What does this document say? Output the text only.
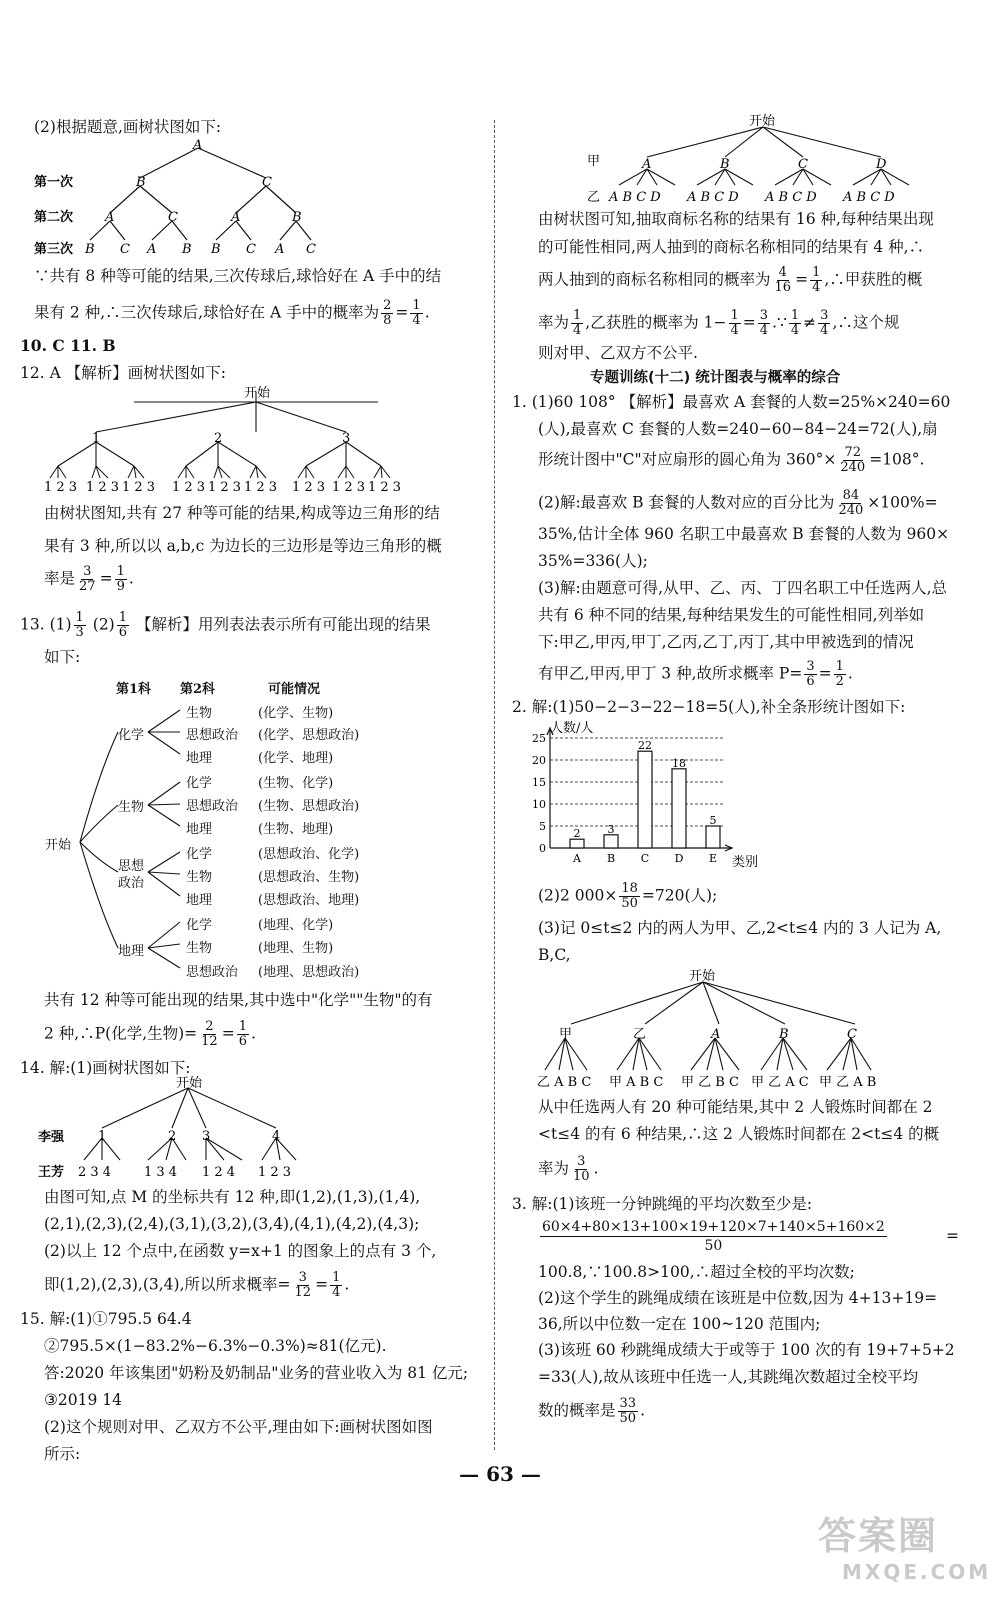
(2)根据题意,画树状图如下:
A
B	C
A	C	A	B
B C A B B C A C
第一次
第二次
第三次
∵共有 8 种等可能的结果,三次传球后,球恰好在 A 手中的结
果有 2 种,∴三次传球后,球恰好在 A 手中的概率为 $\frac{2}{8} = \frac{1}{4}$ .
10. C 11. B
12. A 【解析】画树状图如下:
开始
1	2	3
1 2 3 1 2 3 1 2 3 1 2 3 1 2 3 1 2 3 1 2 3 1 2 3 1 2 3
由树状图知,共有 27 种等可能的结果,构成等边三角形的结
果有 3 种,所以以 a,b,c 为边长的三边形是等边三角形的概
率是 $\frac{3}{27} = \frac{1}{9}$ .
13. $(1) \frac{1}{3} (2) \frac{1}{6}$ 【解析】用列表法表示所有可能出现的结果
如下:
第1科 第2科	可能情况
开始
化学
生物
思想政治
地理
生物
思想政治
地理
化学
思想政治
地理
化学
生物
地理
化学
生物
思想政治
(化学、生物)
(化学、思想政治)
(化学、地理)
(生物、化学)
(生物、思想政治)
(生物、地理)
(思想政治、化学)
(思想政治、生物)
(思想政治、地理)
(地理、化学)
(地理、生物)
(地理、思想政治)
共有 12 种等可能出现的结果,其中选中"化学""生物"的有
2 种,∴P(化学,生物)= $\frac{2}{12} = \frac{1}{6}$ .
14. 解:(1)画树状图如下:
开始
李强
王芳
1	2 3	4
2 3 4	1 3 4 1 2 4 1 2 3
由图可知,点 M 的坐标共有 12 种,即(1,2),(1,3),(1,4),
(2,1),(2,3),(2,4),(3,1),(3,2),(3,4),(4,1),(4,2),(4,3);
(2)以上 12 个点中,在函数 y=x+1 的图象上的点有 3 个,
即(1,2),(2,3),(3,4),所以所求概率= $\frac{3}{12} = \frac{1}{4}$ .
15. 解:(1)①795.5 64.4
②795.5×(1−83.2%−6.3%−0.3%)≈81(亿元).
答:2020 年该集团"奶粉及奶制品"业务的营业收入为 81 亿元;
③2019 14
(2)这个规则对甲、乙双方不公平,理由如下:画树状图如图
所示:
开始
甲
乙
A	B	C	D
A B C D A B C D A B C D A B C D
由树状图可知,抽取商标名称的结果有 16 种,每种结果出现
的可能性相同,两人抽到的商标名称相同的结果有 4 种,∴
两人抽到的商标名称相同的概率为 $\frac{4}{16} = \frac{1}{4}$ ,∴甲获胜的概
率为 $\frac{1}{4}$ ,乙获胜的概率为 $1- \frac{1}{4} = \frac{3}{4}$ .∵ $\frac{1}{4} \ne \frac{3}{4}$ ,∴这个规
则对甲、乙双方不公平.
专题训练(十二) 统计图表与概率的综合
1. (1)60 108° 【解析】最喜欢 A 套餐的人数=25%×240=60
(人),最喜欢 C 套餐的人数=240−60−84−24=72(人),扇
形统计图中"C"对应扇形的圆心角为 $360^\circ\times \frac{72}{240} =108^\circ$.
(2)解:最喜欢 B 套餐的人数对应的百分比为 $\frac{84}{240} \times 100\%=$
35%,估计全体 960 名职工中最喜欢 B 套餐的人数为 960×
35%=336(人);
(3)解:由题意可得,从甲、乙、丙、丁四名职工中任选两人,总
共有 6 种不同的结果,每种结果发生的可能性相同,列举如
下:甲乙,甲丙,甲丁,乙丙,乙丁,丙丁,其中甲被选到的情况
有甲乙,甲丙,甲丁 3 种,故所求概率 $P= \frac{3}{6} = \frac{1}{2}$ .
2. 解:(1)50−2−3−22−18=5(人),补全条形统计图如下:
人数/人
类别
0
5
10
15
20
25
2
A
3
B
22
C
18
D
5
E
(2)2 $000\times \frac{18}{50} =720$(人);
(3)记 0≤t≤2 内的两人为甲、乙,2<t≤4 内的 3 人记为 A,
B,C,
开始
甲	乙	A	B	C
乙 A B C 甲 A B C 甲 乙 B C 甲 乙 A C 甲 乙 A B
从中任选两人有 20 种可能结果,其中 2 人锻炼时间都在 2
<t≤4 的有 6 种结果,∴这 2 人锻炼时间都在 2<t≤4 的概
率为 $\frac{3}{10}$ .
3. 解:(1)该班一分钟跳绳的平均次数至少是:
$\frac{60\times 4+80\times 13+100\times 19+120\times 7+140\times 5+160\times 2}{50}$	=
100.8,∵100.8>100,∴超过全校的平均次数;
(2)这个学生的跳绳成绩在该班是中位数,因为 4+13+19=
36,所以中位数一定在 100~120 范围内;
(3)该班 60 秒跳绳成绩大于或等于 100 次的有 19+7+5+2
=33(人),故从该班中任选一人,其跳绳次数超过全校平均
数的概率是 $\frac{33}{50}$ .
— 63 —
答案圈
MXQE.COM
